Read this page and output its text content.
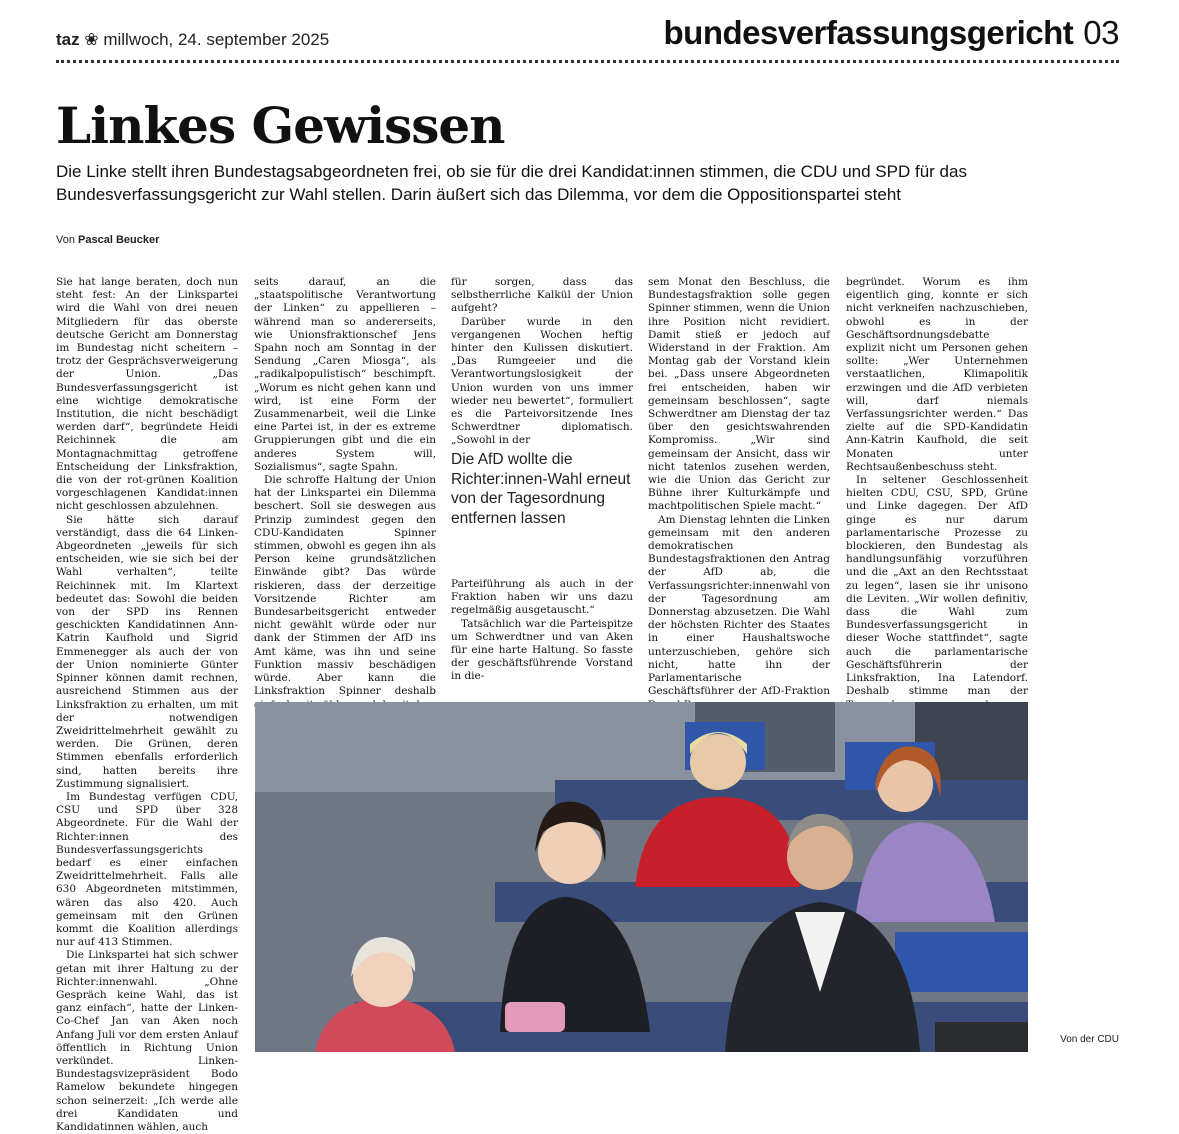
taz ❀ millwoch, 24. september 2025	bundesverfassungsgericht 03
Linkes Gewissen

Die Linke stellt ihren Bundestagsabgeordneten frei, ob sie für die drei Kandidat:innen stimmen, die CDU und SPD für das Bundesverfassungsgericht zur Wahl stellen. Darin äußert sich das Dilemma, vor dem die Oppositionspartei steht

Von Pascal Beucker

Sie hat lange beraten, doch nun steht fest: An der Linkspartei wird die Wahl von drei neuen Mitgliedern für das oberste deutsche Gericht am Donnerstag im Bundestag nicht scheitern – trotz der Gesprächsverweigerung der Union. „Das Bundesverfassungsgericht ist eine wichtige demokratische Institution, die nicht beschädigt werden darf“, begründete Heidi Reichinnek die am Montagnachmittag getroffene Entscheidung der Linksfraktion, die von der rot-grünen Koalition vorgeschlagenen Kandidat:innen nicht geschlossen abzulehnen.

Sie hätte sich darauf verständigt, dass die 64 Linken-Abgeordneten „jeweils für sich entscheiden, wie sie sich bei der Wahl verhalten“, teilte Reichinnek mit. Im Klartext bedeutet das: Sowohl die beiden von der SPD ins Rennen geschickten Kandidatinnen Ann-Katrin Kaufhold und Sigrid Emmenegger als auch der von der Union nominierte Günter Spinner können damit rechnen, ausreichend Stimmen aus der Linksfraktion zu erhalten, um mit der notwendigen Zweidrittelmehrheit gewählt zu werden. Die Grünen, deren Stimmen ebenfalls erforderlich sind, hatten bereits ihre Zustimmung signalisiert.

Im Bundestag verfügen CDU, CSU und SPD über 328 Abgeordnete. Für die Wahl der Richter:innen des Bundesverfassungsgerichts bedarf es einer einfachen Zweidrittelmehrheit. Falls alle 630 Abgeordneten mitstimmen, wären das also 420. Auch gemeinsam mit den Grünen kommt die Koalition allerdings nur auf 413 Stimmen.

Die Linkspartei hat sich schwer getan mit ihrer Haltung zu der Richter:innenwahl. „Ohne Gespräch keine Wahl, das ist ganz einfach“, hatte der Linken-Co-Chef Jan van Aken noch Anfang Juli vor dem ersten Anlauf öffentlich in Richtung Union verkündet. Linken-Bundestagsvizepräsident Bodo Ramelow bekundete hingegen schon seinerzeit: „Ich werde alle drei Kandidaten und Kandidatinnen wählen, auch

seits darauf, an die „staatspolitische Verantwortung der Linken“ zu appellieren – während man so andererseits, wie Unionsfraktionschef Jens Spahn noch am Sonntag in der Sendung „Caren Miosga“, als „radikalpopulistisch“ beschimpft. „Worum es nicht gehen kann und wird, ist eine Form der Zusammenarbeit, weil die Linke eine Partei ist, in der es extreme Gruppierungen gibt und die ein anderes System will, Sozialismus“, sagte Spahn.

Die schroffe Haltung der Union hat der Linkspartei ein Dilemma beschert. Soll sie deswegen aus Prinzip zumindest gegen den CDU-Kandidaten Spinner stimmen, obwohl es gegen ihn als Person keine grundsätzlichen Einwände gibt? Das würde riskieren, dass der derzeitige Vorsitzende Richter am Bundesarbeitsgericht entweder nicht gewählt würde oder nur dank der Stimmen der AfD ins Amt käme, was ihn und seine Funktion massiv beschädigen würde. Aber kann die Linksfraktion Spinner deshalb

für sorgen, dass das selbstherrliche Kalkül der Union aufgeht?

Darüber wurde in den vergangenen Wochen heftig hinter den Kulissen diskutiert. „Das Rumgeeier und die Verantwortungslosigkeit der Union wurden von uns immer wieder neu bewertet“, formuliert es die Parteivorsitzende Ines Schwerdtner diplomatisch. „Sowohl in der

Die AfD wollte die Richter:innen-Wahl erneut von der Tagesordnung entfernen lassen

Parteiführung als auch in der Fraktion haben wir uns dazu regelmäßig ausgetauscht.“

Tatsächlich war die Parteispitze um Schwerdtner und van Aken für eine harte Haltung. So fasste der geschäftsführende Vorstand in die-

sem Monat den Beschluss, die Bundestagsfraktion solle gegen Spinner stimmen, wenn die Union ihre Position nicht revidiert. Damit stieß er jedoch auf Widerstand in der Fraktion. Am Montag gab der Vorstand klein bei. „Dass unsere Abgeordneten frei entscheiden, haben wir gemeinsam beschlossen“, sagte Schwerdtner am Dienstag der taz über den gesichtswahrenden Kompromiss. „Wir sind gemeinsam der Ansicht, dass wir nicht tatenlos zusehen werden, wie die Union das Gericht zur Bühne ihrer Kulturkämpfe und machtpolitischen Spiele macht.“

Am Dienstag lehnten die Linken gemeinsam mit den anderen demokratischen Bundestagsfraktionen den Antrag der AfD ab, die Verfassungsrichter:innenwahl von der Tagesordnung am Donnerstag abzusetzen. Die Wahl der höchsten Richter des Staates in einer Haushaltswoche unterzuschieben, gehöre sich nicht, hatte ihn der Parlamentarische Geschäftsführer der AfD-Fraktion

begründet. Worum es ihm eigentlich ging, konnte er sich nicht verkneifen nachzuschieben, obwohl es in der Geschäftsordnungsdebatte explizit nicht um Personen gehen sollte: „Wer Unternehmen verstaatlichen, Klimapolitik erzwingen und die AfD verbieten will, darf niemals Verfassungsrichter werden.“ Das zielte auf die SPD-Kandidatin Ann-Katrin Kaufhold, die seit Monaten unter Rechtsaußenbeschuss steht.

In seltener Geschlossenheit hielten CDU, CSU, SPD, Grüne und Linke dagegen. Der AfD ginge es nur darum parlamentarische Prozesse zu blockieren, den Bundestag als handlungsunfähig vorzuführen und die „Axt an den Rechtsstaat zu legen“, lasen sie ihr unisono die Leviten. „Wir wollen definitiv, dass die Wahl zum Bundesverfassungsgericht in dieser Woche stattfindet“, sagte auch die parlamentarische Geschäftsführerin der Linksfraktion, Ina Latendorf. Deshalb stimme man der

Von der CDU
